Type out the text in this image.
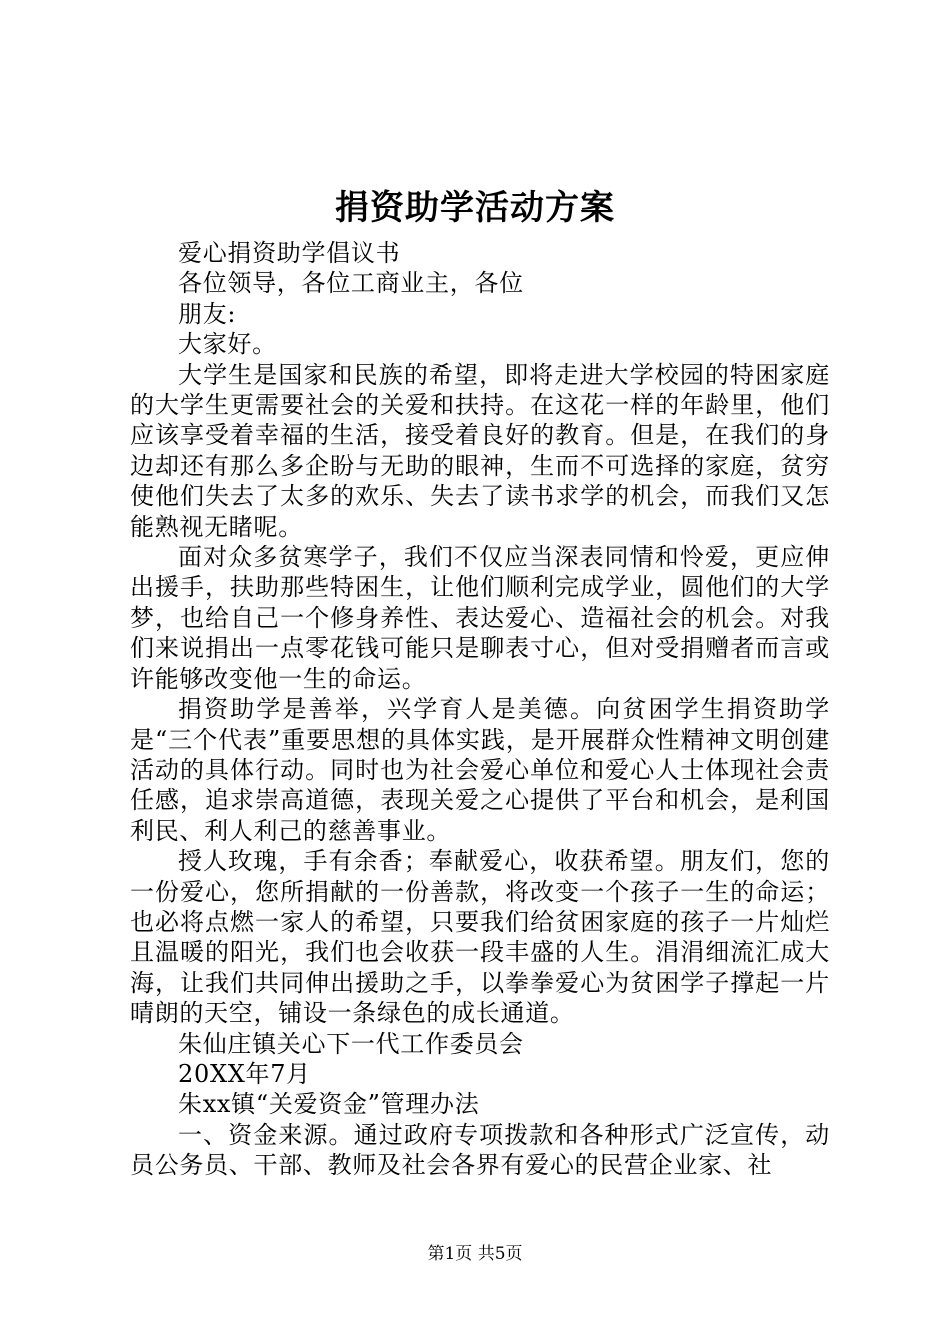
捐资助学活动方案

爱心捐资助学倡议书

各位领导，各位工商业主，各位

朋友:

大家好。

大学生是国家和民族的希望，即将走进大学校园的特困家庭的大学生更需要社会的关爱和扶持。在这花一样的年龄里，他们应该享受着幸福的生活，接受着良好的教育。但是，在我们的身边却还有那么多企盼与无助的眼神，生而不可选择的家庭，贫穷使他们失去了太多的欢乐、失去了读书求学的机会，而我们又怎能熟视无睹呢。

面对众多贫寒学子，我们不仅应当深表同情和怜爱，更应伸出援手，扶助那些特困生，让他们顺利完成学业，圆他们的大学梦，也给自己一个修身养性、表达爱心、造福社会的机会。对我们来说捐出一点零花钱可能只是聊表寸心，但对受捐赠者而言或许能够改变他一生的命运。

捐资助学是善举，兴学育人是美德。向贫困学生捐资助学是“三个代表”重要思想的具体实践，是开展群众性精神文明创建活动的具体行动。同时也为社会爱心单位和爱心人士体现社会责任感，追求崇高道德，表现关爱之心提供了平台和机会，是利国利民、利人利己的慈善事业。

授人玫瑰，手有余香；奉献爱心，收获希望。朋友们，您的一份爱心，您所捐献的一份善款，将改变一个孩子一生的命运；也必将点燃一家人的希望，只要我们给贫困家庭的孩子一片灿烂且温暖的阳光，我们也会收获一段丰盛的人生。涓涓细流汇成大海，让我们共同伸出援助之手，以拳拳爱心为贫困学子撑起一片晴朗的天空，铺设一条绿色的成长通道。

朱仙庄镇关心下一代工作委员会

20XX年7月

朱xx镇“关爱资金”管理办法

一、资金来源。通过政府专项拨款和各种形式广泛宣传，动员公务员、干部、教师及社会各界有爱心的民营企业家、社

第1页 共5页
